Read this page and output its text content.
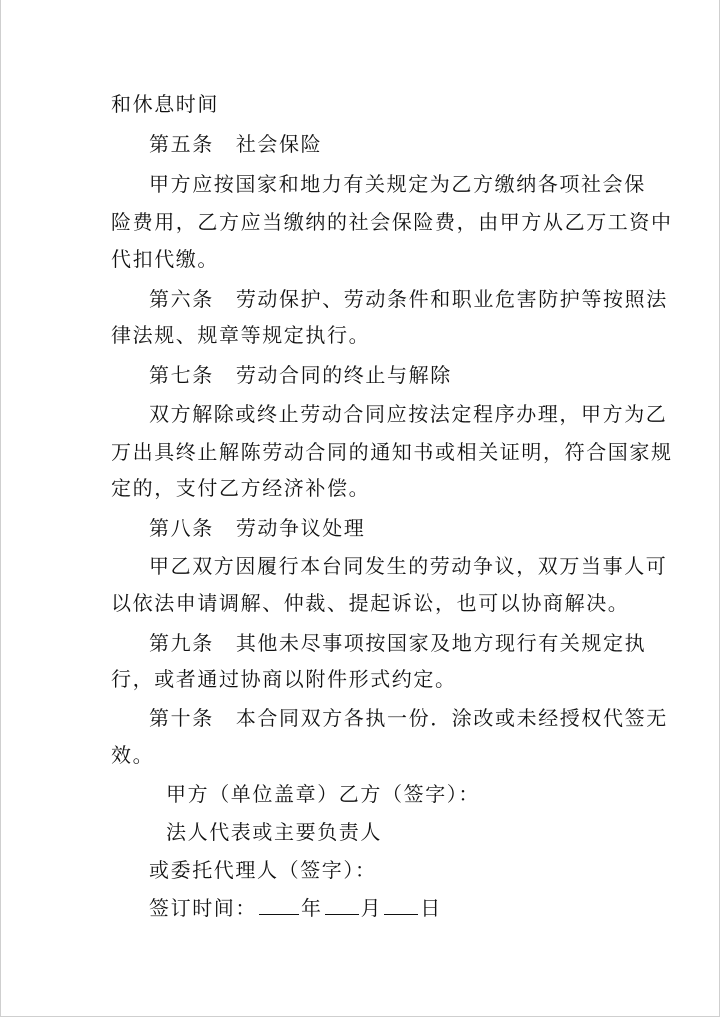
和休息时间
第五条 社会保险
甲方应按国家和地力有关规定为乙方缴纳各项社会保
险费用，乙方应当缴纳的社会保险费，由甲方从乙万工资中
代扣代缴。
第六条 劳动保护、劳动条件和职业危害防护等按照法
律法规、规章等规定执行。
第七条 劳动合同的终止与解除
双方解除或终止劳动合同应按法定程序办理，甲方为乙
万出具终止解陈劳动合同的通知书或相关证明，符合国家规
定的，支付乙方经济补偿。
第八条 劳动争议处理
甲乙双方因履行本台同发生的劳动争议，双万当事人可
以依法申请调解、仲裁、提起诉讼，也可以协商解决。
第九条 其他未尽事项按国家及地方现行有关规定执
行，或者通过协商以附件形式约定。
第十条 本合同双方各执一份．涂改或未经授权代签无
效。
甲方（单位盖章）乙方（签字）：
法人代表或主要负责人
或委托代理人（签字）：
签订时间： 年 月 日
